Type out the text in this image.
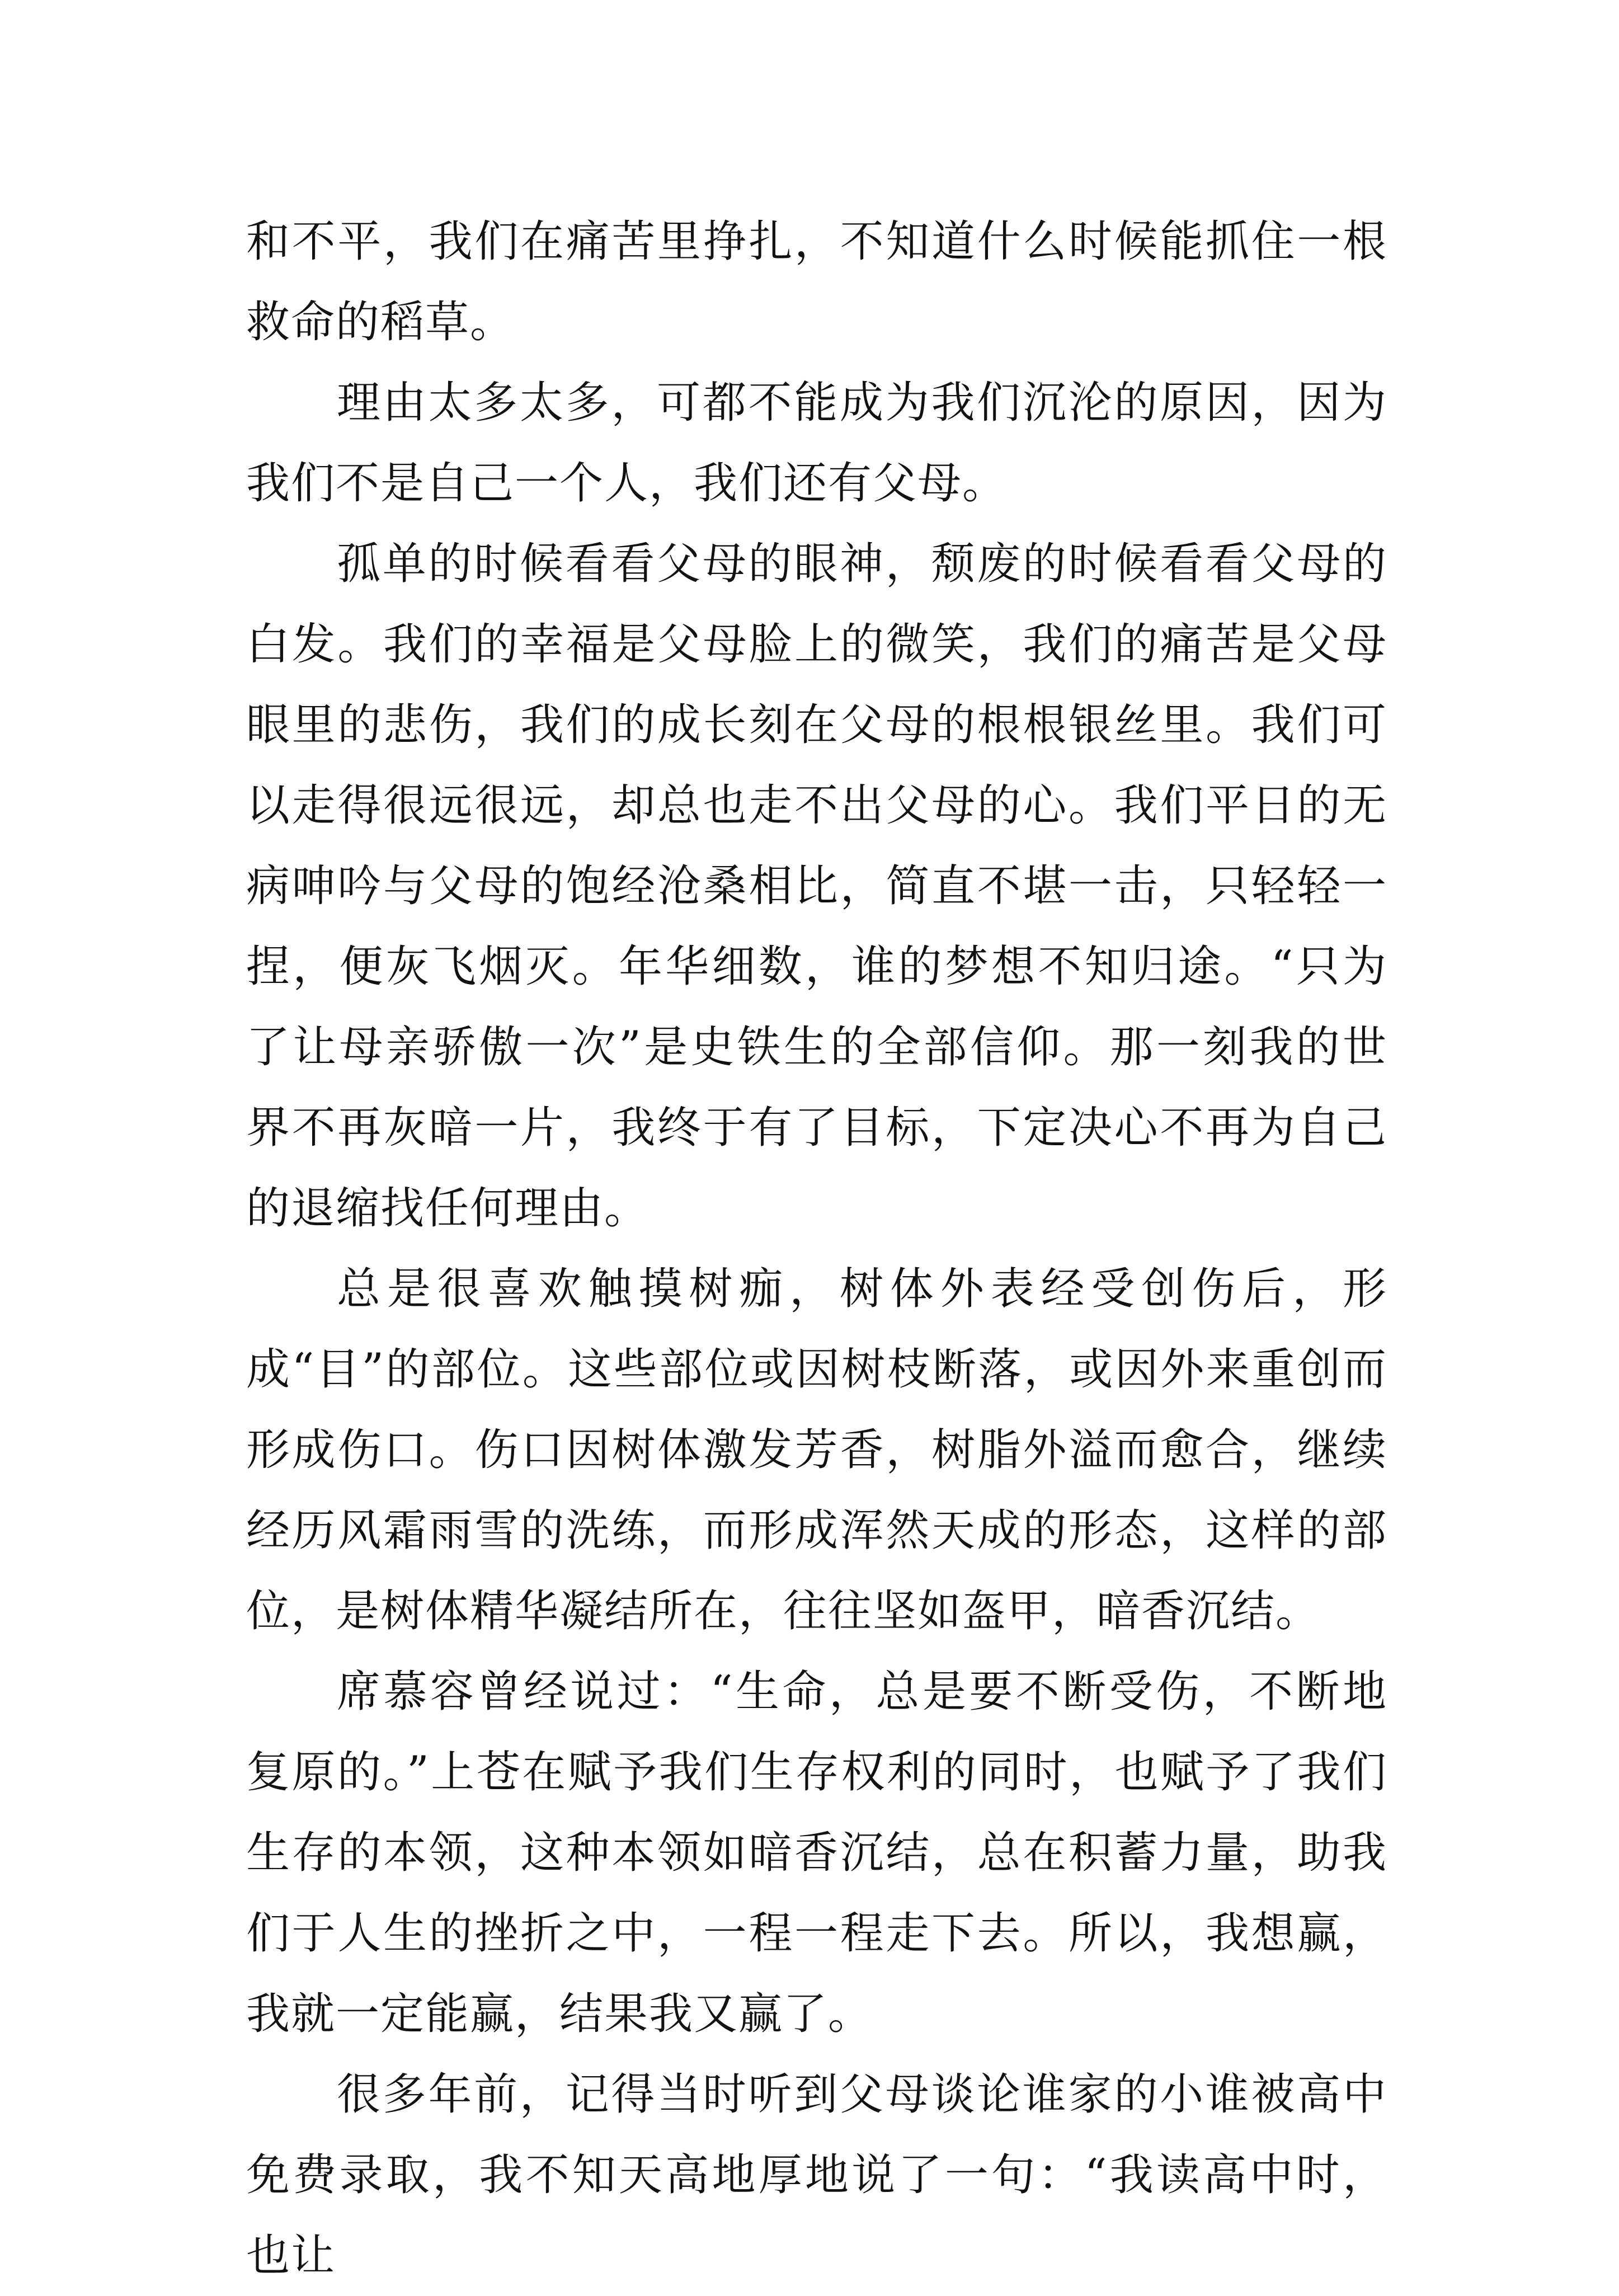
和不平，我们在痛苦里挣扎，不知道什么时候能抓住一根救命的稻草。

理由太多太多，可都不能成为我们沉沦的原因，因为我们不是自己一个人，我们还有父母。

孤单的时候看看父母的眼神，颓废的时候看看父母的白发。我们的幸福是父母脸上的微笑，我们的痛苦是父母眼里的悲伤，我们的成长刻在父母的根根银丝里。我们可以走得很远很远，却总也走不出父母的心。我们平日的无病呻吟与父母的饱经沧桑相比，简直不堪一击，只轻轻一捏，便灰飞烟灭。年华细数，谁的梦想不知归途。“只为了让母亲骄傲一次”是史铁生的全部信仰。那一刻我的世界不再灰暗一片，我终于有了目标，下定决心不再为自己的退缩找任何理由。

总是很喜欢触摸树痂，树体外表经受创伤后，形成“目”的部位。这些部位或因树枝断落，或因外来重创而形成伤口。伤口因树体激发芳香，树脂外溢而愈合，继续经历风霜雨雪的洗练，而形成浑然天成的形态，这样的部位，是树体精华凝结所在，往往坚如盔甲，暗香沉结。

席慕容曾经说过：“生命，总是要不断受伤，不断地复原的。”上苍在赋予我们生存权利的同时，也赋予了我们生存的本领，这种本领如暗香沉结，总在积蓄力量，助我们于人生的挫折之中，一程一程走下去。所以，我想赢，我就一定能赢，结果我又赢了。

很多年前，记得当时听到父母谈论谁家的小谁被高中免费录取，我不知天高地厚地说了一句：“我读高中时，也让
